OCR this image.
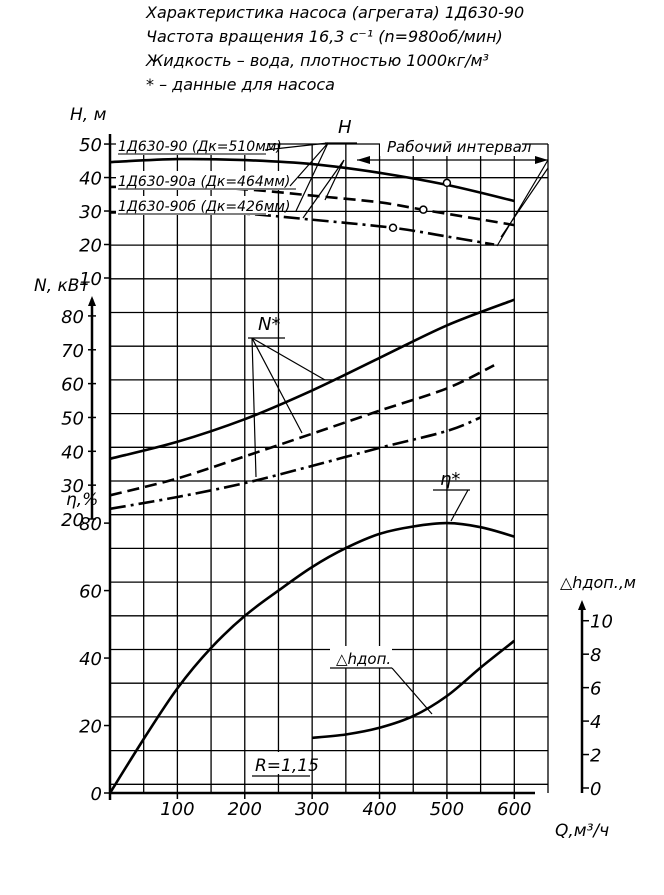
Характеристика насоса (агрегата) 1Д630-90
Частота вращения 16,3 с⁻¹ (n=980об/мин)
Жидкость – вода, плотностью 1000кг/м³
* – данные для насоса
H, м
N, кВт
η,%
△hдоп.,м
Q,м³/ч
10
20
30
40
50
20
30
40
50
60
70
80
0
20
40
60
80
0
2
4
6
8
10
100 200 300 400 500 600
1Д630-90 (Дк=510мм)
1Д630-90а (Дк=464мм)
1Д630-90б (Дк=426мм)
H
Рабочий интервал
N*
η*
△hдоп.
R=1,15
